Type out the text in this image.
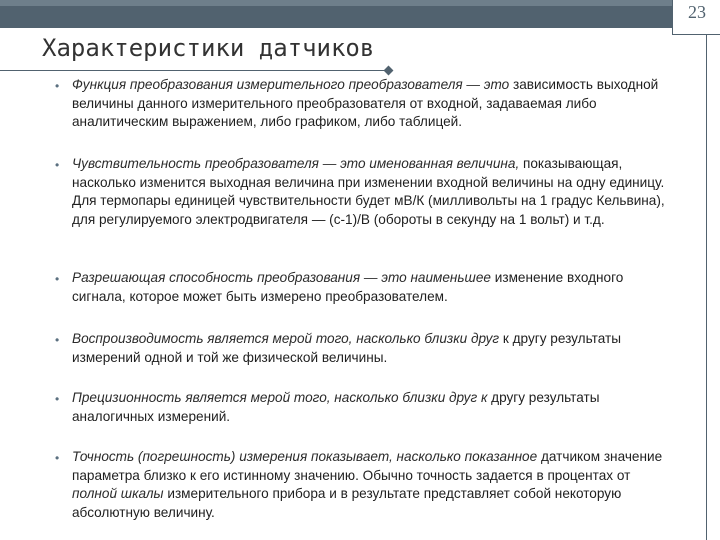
23
Характеристики датчиков
• Функция преобразования измерительного преобразователя — это зависимость выходной величины данного измерительного преобразователя от входной, задаваемая либо аналитическим выражением, либо графиком, либо таблицей.
• Чувствительность преобразователя — это именованная величина, показывающая, насколько изменится выходная величина при изменении входной величины на одну единицу. Для термопары единицей чувствительности будет мВ/К (милливольты на 1 градус Кельвина), для регулируемого электродвигателя — (с-1)/В (обороты в секунду на 1 вольт) и т.д.
• Разрешающая способность преобразования — это наименьшее изменение входного сигнала, которое может быть измерено преобразователем.
• Воспроизводимость является мерой того, насколько близки друг к другу результаты измерений одной и той же физической величины.
• Прецизионность является мерой того, насколько близки друг к другу результаты аналогичных измерений.
• Точность (погрешность) измерения показывает, насколько показанное датчиком значение параметра близко к его истинному значению. Обычно точность задается в процентах от полной шкалы измерительного прибора и в результате представляет собой некоторую абсолютную величину.
